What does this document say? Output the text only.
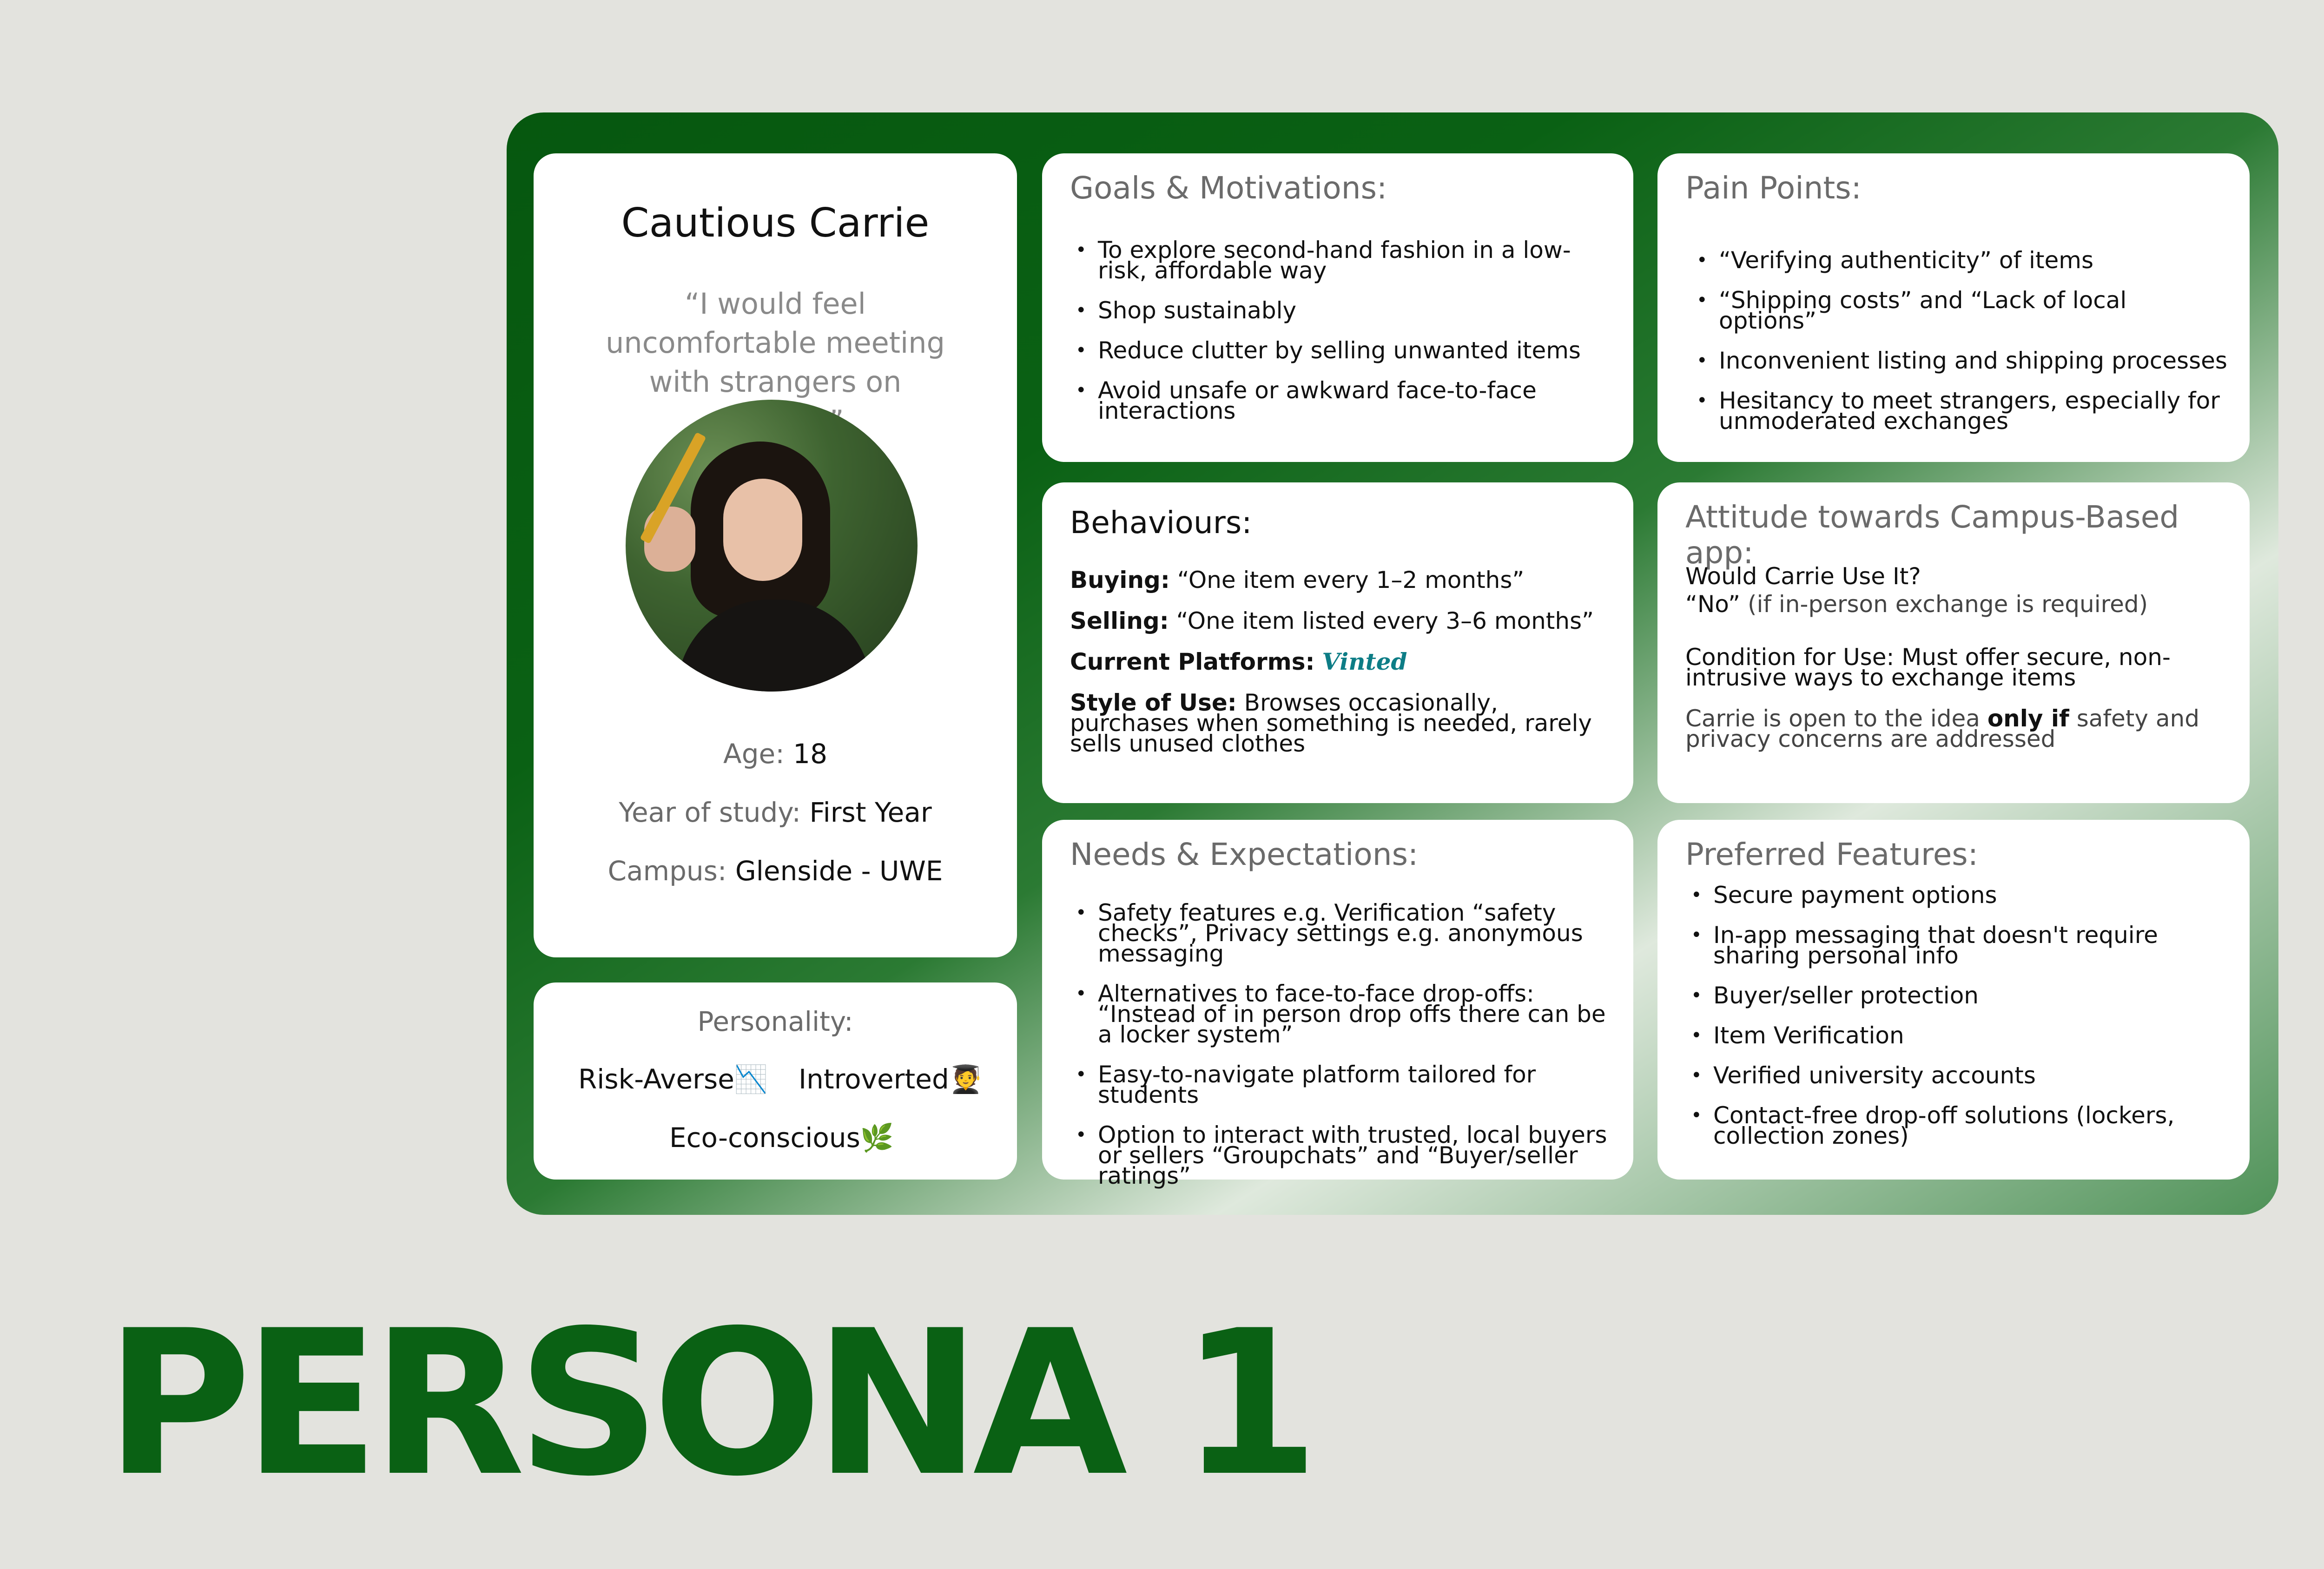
Cautious Carrie
“I would feel uncomfortable meeting with strangers on
Age: 18
Year of study: First Year
Campus: Glenside - UWE
Personality:
Risk-Averse📉 Introverted🧑‍🎓
Eco-conscious🌿
Goals & Motivations:
• To explore second-hand fashion in a low-risk, affordable way
• Shop sustainably
• Reduce clutter by selling unwanted items
• Avoid unsafe or awkward face-to-face interactions
Pain Points:
• “Verifying authenticity” of items
• “Shipping costs” and “Lack of local options”
• Inconvenient listing and shipping processes
• Hesitancy to meet strangers, especially for unmoderated exchanges
Behaviours:
Buying: “One item every 1–2 months”
Selling: “One item listed every 3–6 months”
Current Platforms: Vinted
Style of Use: Browses occasionally, purchases when something is needed, rarely sells unused clothes
Attitude towards Campus-Based app:
Would Carrie Use It?
“No” (if in-person exchange is required)
Condition for Use: Must offer secure, non-intrusive ways to exchange items
Carrie is open to the idea only if safety and privacy concerns are addressed
Needs & Expectations:
• Safety features e.g. Verification “safety checks”, Privacy settings e.g. anonymous messaging
• Alternatives to face-to-face drop-offs: “Instead of in person drop offs there can be a locker system”
• Easy-to-navigate platform tailored for students
• Option to interact with trusted, local buyers or sellers “Groupchats” and “Buyer/seller ratings”
Preferred Features:
• Secure payment options
• In-app messaging that doesn't require sharing personal info
• Buyer/seller protection
• Item Verification
• Verified university accounts
• Contact-free drop-off solutions (lockers, collection zones)
PERSONA 1
